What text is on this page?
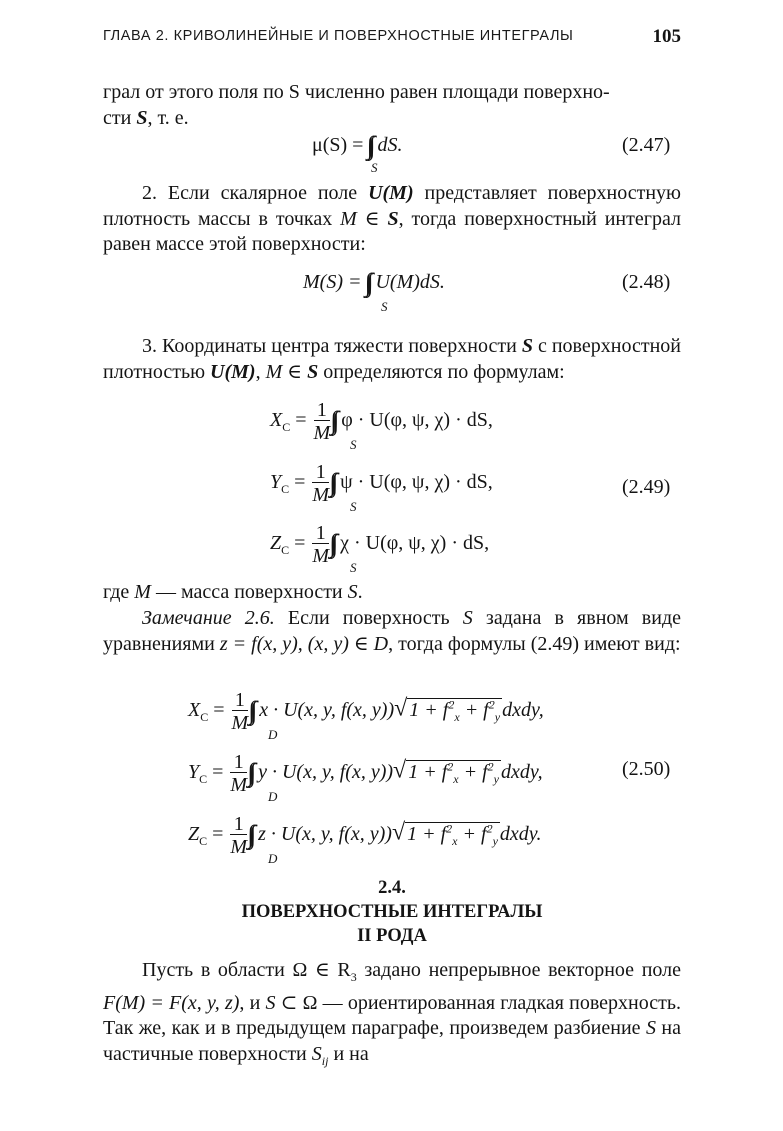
ГЛАВА 2. КРИВОЛИНЕЙНЫЕ И ПОВЕРХНОСТНЫЕ ИНТЕГРАЛЫ	105

грал от этого поля по S численно равен площади поверхно-
сти S, т. е.

μ(S) = dS.
S
(2.47)

2. Если скалярное поле U(M) представляет поверхностную плотность массы в точках M ∈ S, тогда поверхностный интеграл равен массе этой поверхности:

M(S) = U(M)dS.
S
(2.48)

3. Координаты центра тяжести поверхности S с поверхностной плотностью U(M), M ∈ S определяются по формулам:

$X_C = \frac{1}{M}$ φ · U(φ, ψ, χ) · dS,
S
$Y_C = \frac{1}{M}$ ψ · U(φ, ψ, χ) · dS,
S
(2.49)
$Z_C = \frac{1}{M}$ χ · U(φ, ψ, χ) · dS,
S

где M — масса поверхности S.

Замечание 2.6. Если поверхность S задана в явном виде уравнениями z = f(x, y), (x, y) ∈ D, тогда формулы (2.49) имеют вид:

$X_C = \frac{1}{M}$ x · U(x, y, f(x, y))√ $1 + f^2_x + f^2_y$ dxdy,
D
$Y_C = \frac{1}{M}$ y · U(x, y, f(x, y))√ $1 + f^2_x + f^2_y$ dxdy,
D
(2.50)
$Z_C = \frac{1}{M}$ z · U(x, y, f(x, y))√ $1 + f^2_x + f^2_y$ dxdy.
D
2.4.
ПОВЕРХНОСТНЫЕ ИНТЕГРАЛЫ
II РОДА

Пусть в области Ω ∈ $R_3$ задано непрерывное векторное поле F(M) = F(x, y, z), и S ⊂ Ω — ориентированная гладкая поверхность. Так же, как и в предыдущем параграфе, произведем разбиение S на частичные поверхности $S_{ij}$ и на
